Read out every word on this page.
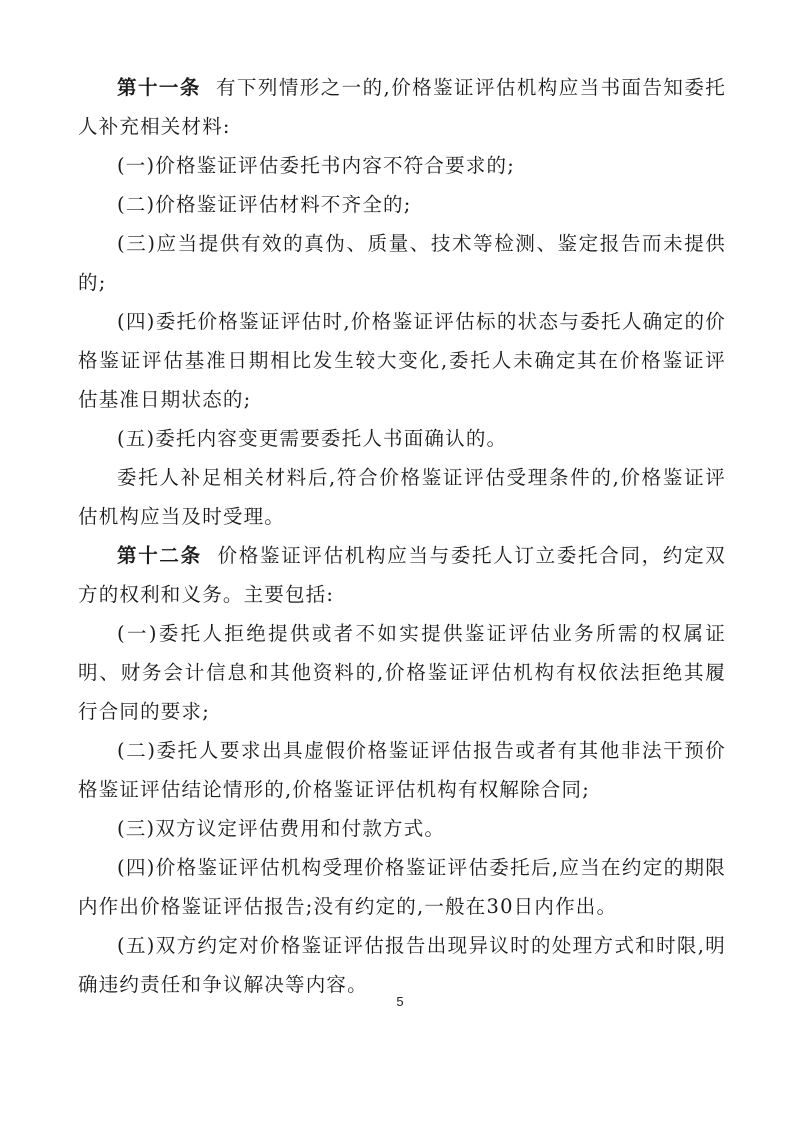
第十一条 有下列情形之一的,价格鉴证评估机构应当书面告知委托人补充相关材料:

(一)价格鉴证评估委托书内容不符合要求的;

(二)价格鉴证评估材料不齐全的;

(三)应当提供有效的真伪、质量、技术等检测、鉴定报告而未提供的;

(四)委托价格鉴证评估时,价格鉴证评估标的状态与委托人确定的价格鉴证评估基准日期相比发生较大变化,委托人未确定其在价格鉴证评估基准日期状态的;

(五)委托内容变更需要委托人书面确认的。

委托人补足相关材料后,符合价格鉴证评估受理条件的,价格鉴证评估机构应当及时受理。

第十二条 价格鉴证评估机构应当与委托人订立委托合同，约定双方的权利和义务。主要包括:

(一)委托人拒绝提供或者不如实提供鉴证评估业务所需的权属证明、财务会计信息和其他资料的,价格鉴证评估机构有权依法拒绝其履行合同的要求;

(二)委托人要求出具虚假价格鉴证评估报告或者有其他非法干预价格鉴证评估结论情形的,价格鉴证评估机构有权解除合同;

(三)双方议定评估费用和付款方式。

(四)价格鉴证评估机构受理价格鉴证评估委托后,应当在约定的期限内作出价格鉴证评估报告;没有约定的,一般在30日内作出。

(五)双方约定对价格鉴证评估报告出现异议时的处理方式和时限,明确违约责任和争议解决等内容。

5
